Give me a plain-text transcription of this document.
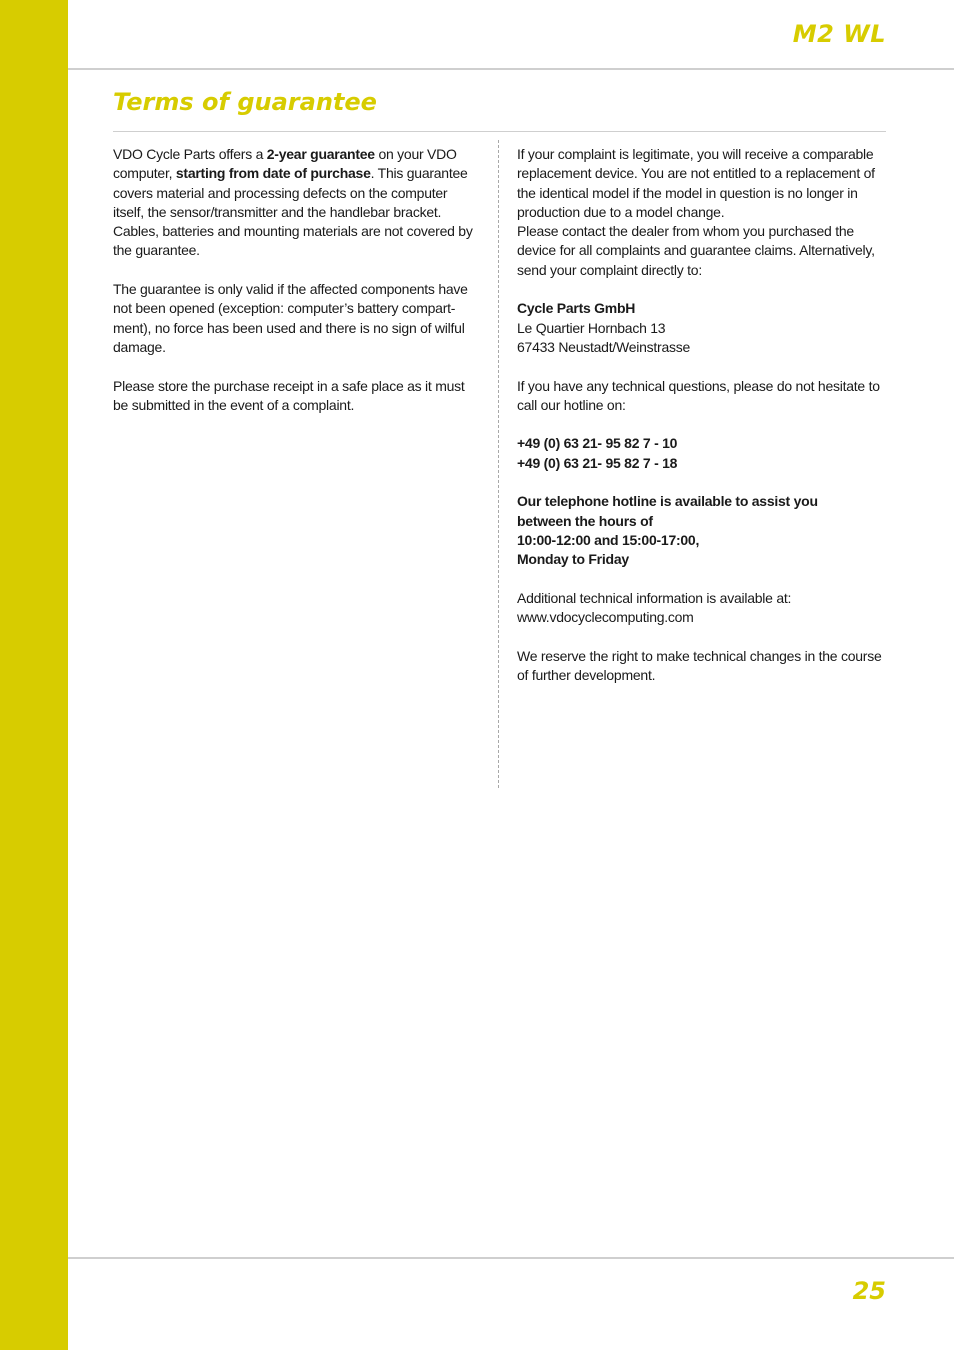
M2 WL
Terms of guarantee

VDO Cycle Parts offers a 2-year guarantee on your VDO computer, starting from date of purchase. This guarantee covers material and processing defects on the computer itself, the sensor/transmitter and the handlebar bracket. Cables, batteries and mounting materials are not covered by the guarantee.

The guarantee is only valid if the affected components have not been opened (exception: computer’s battery compart-ment), no force has been used and there is no sign of wilful damage.

Please store the purchase receipt in a safe place as it must be submitted in the event of a complaint.

If your complaint is legitimate, you will receive a comparable replacement device. You are not entitled to a replacement of the identical model if the model in question is no longer in production due to a model change.
Please contact the dealer from whom you purchased the device for all complaints and guarantee claims. Alternatively, send your complaint directly to:

Cycle Parts GmbH
Le Quartier Hornbach 13
67433 Neustadt/Weinstrasse

If you have any technical questions, please do not hesitate to call our hotline on:

+49 (0) 63 21- 95 82 7 - 10
+49 (0) 63 21- 95 82 7 - 18

Our telephone hotline is available to assist you
between the hours of
10:00-12:00 and 15:00-17:00,
Monday to Friday

Additional technical information is available at:
www.vdocyclecomputing.com

We reserve the right to make technical changes in the course of further development.

25
